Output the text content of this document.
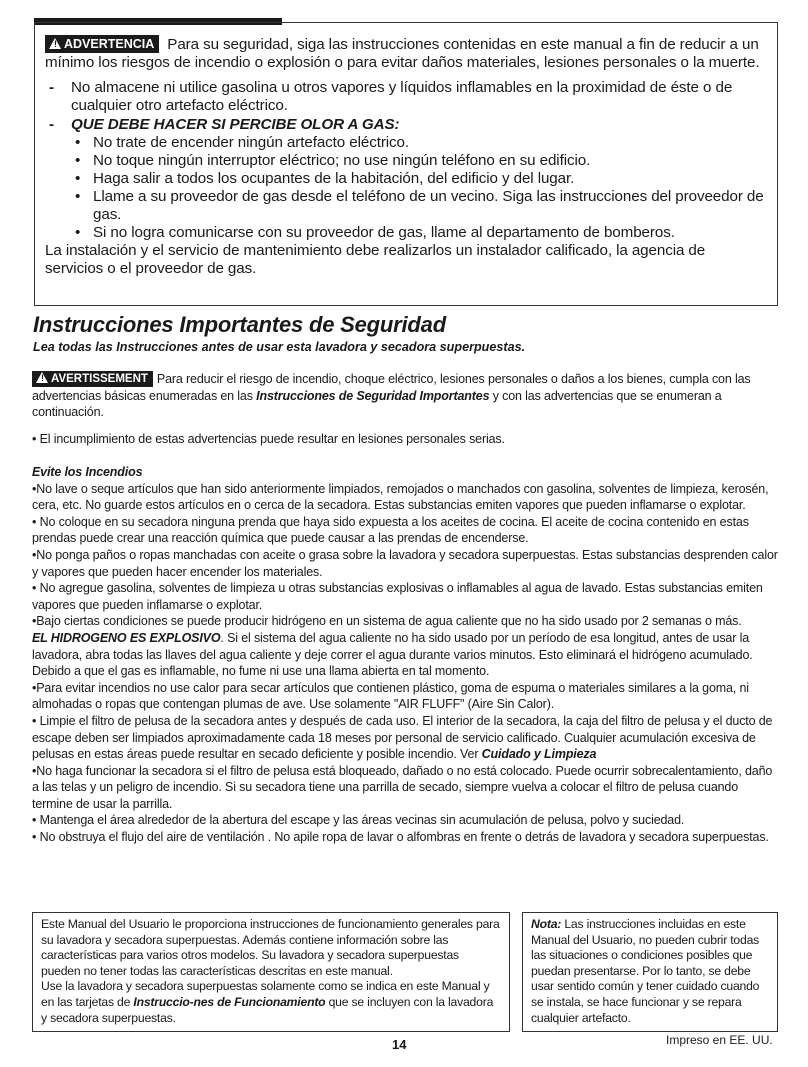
! ADVERTENCIA Para su seguridad, siga las instrucciones contenidas en este manual a fin de reducir a un mínimo los riesgos de incendio o explosión o para evitar daños materiales, lesiones personales o la muerte.
- No almacene ni utilice gasolina u otros vapores y líquidos inflamables en la proximidad de éste o de cualquier otro artefacto eléctrico.
- QUE DEBE HACER SI PERCIBE OLOR A GAS:
• No trate de encender ningún artefacto eléctrico.
• No toque ningún interruptor eléctrico; no use ningún teléfono en su edificio.
• Haga salir a todos los ocupantes de la habitación, del edificio y del lugar.
• Llame a su proveedor de gas desde el teléfono de un vecino. Siga las instrucciones del proveedor de gas.
• Si no logra comunicarse con su proveedor de gas, llame al departamento de bomberos.
La instalación y el servicio de mantenimiento debe realizarlos un instalador calificado, la agencia de servicios o el proveedor de gas.
Instrucciones Importantes de Seguridad
Lea todas las Instrucciones antes de usar esta lavadora y secadora superpuestas.

! AVERTISSEMENT Para reducir el riesgo de incendio, choque eléctrico, lesiones personales o daños a los bienes, cumpla con las advertencias básicas enumeradas en las Instrucciones de Seguridad Importantes y con las advertencias que se enumeran a continuación.

• El incumplimiento de estas advertencias puede resultar en lesiones personales serias.

Evite los Incendios

•No lave o seque artículos que han sido anteriormente limpiados, remojados o manchados con gasolina, solventes de limpieza, kerosén, cera, etc. No guarde estos artículos en o cerca de la secadora. Estas substancias emiten vapores que pueden inflamarse o explotar.

• No coloque en su secadora ninguna prenda que haya sido expuesta a los aceites de cocina. El aceite de cocina contenido en estas prendas puede crear una reacción química que puede causar a las prendas de encenderse.

•No ponga paños o ropas manchadas con aceite o grasa sobre la lavadora y secadora superpuestas. Estas substancias desprenden calor y vapores que pueden hacer encender los materiales.

• No agregue gasolina, solventes de limpieza u otras substancias explosivas o inflamables al agua de lavado. Estas substancias emiten vapores que pueden inflamarse o explotar.

•Bajo ciertas condiciones se puede producir hidrógeno en un sistema de agua caliente que no ha sido usado por 2 semanas o más.

EL HIDROGENO ES EXPLOSIVO. Si el sistema del agua caliente no ha sido usado por un período de esa longitud, antes de usar la lavadora, abra todas las llaves del agua caliente y deje correr el agua durante varios minutos. Esto eliminará el hidrógeno acumulado. Debido a que el gas es inflamable, no fume ni use una llama abierta en tal momento.

•Para evitar incendios no use calor para secar artículos que contienen plástico, goma de espuma o materiales similares a la goma, ni almohadas o ropas que contengan plumas de ave. Use solamente "AIR FLUFF" (Aire Sin Calor).

• Limpie el filtro de pelusa de la secadora antes y después de cada uso. El interior de la secadora, la caja del filtro de pelusa y el ducto de escape deben ser limpiados aproximadamente cada 18 meses por personal de servicio calificado. Cualquier acumulación excesiva de pelusas en estas áreas puede resultar en secado deficiente y posible incendio. Ver Cuidado y Limpieza

•No haga funcionar la secadora si el filtro de pelusa está bloqueado, dañado o no está colocado. Puede ocurrir sobrecalentamiento, daño a las telas y un peligro de incendio. Si su secadora tiene una parrilla de secado, siempre vuelva a colocar el filtro de pelusa cuando termine de usar la parrilla.

• Mantenga el área alrededor de la abertura del escape y las áreas vecinas sin acumulación de pelusa, polvo y suciedad.

• No obstruya el flujo del aire de ventilación . No apile ropa de lavar o alfombras en frente o detrás de lavadora y secadora superpuestas.

Este Manual del Usuario le proporciona instrucciones de funcionamiento generales para su lavadora y secadora superpuestas. Además contiene información sobre las características para varios otros modelos. Su lavadora y secadora superpuestas pueden no tener todas las características descritas en este manual.
Use la lavadora y secadora superpuestas solamente como se indica en este Manual y en las tarjetas de Instruccio-nes de Funcionamiento que se incluyen con la lavadora y secadora superpuestas.
Nota: Las instrucciones incluidas en este Manual del Usuario, no pueden cubrir todas las situaciones o condiciones posibles que puedan presentarse. Por lo tanto, se debe usar sentido común y tener cuidado cuando se instala, se hace funcionar y se repara cualquier artefacto.
14	Impreso en EE. UU.
